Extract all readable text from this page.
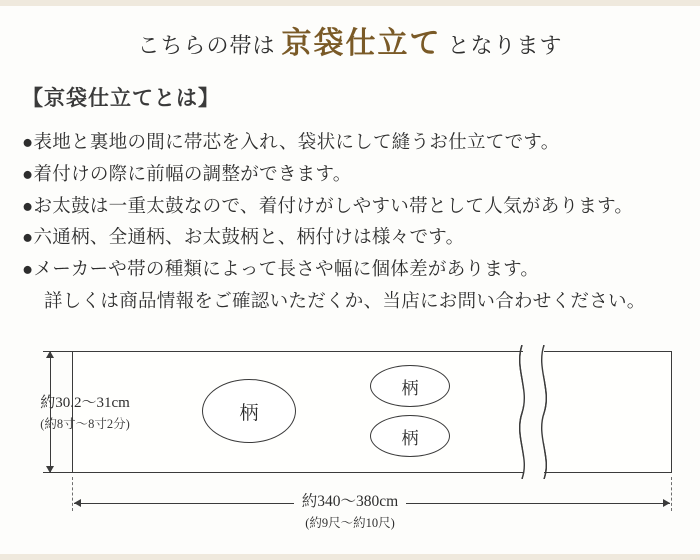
こちらの帯は 京袋仕立て となります
【京袋仕立てとは】
●表地と裏地の間に帯芯を入れ、袋状にして縫うお仕立てです。
●着付けの際に前幅の調整ができます。
●お太鼓は一重太鼓なので、着付けがしやすい帯として人気があります。
●六通柄、全通柄、お太鼓柄と、柄付けは様々です。
●メーカーや帯の種類によって長さや幅に個体差があります。
詳しくは商品情報をご確認いただくか、当店にお問い合わせください。
柄
柄
柄
約30.2〜31cm
(約8寸〜8寸2分)
約340〜380cm
(約9尺〜約10尺)
